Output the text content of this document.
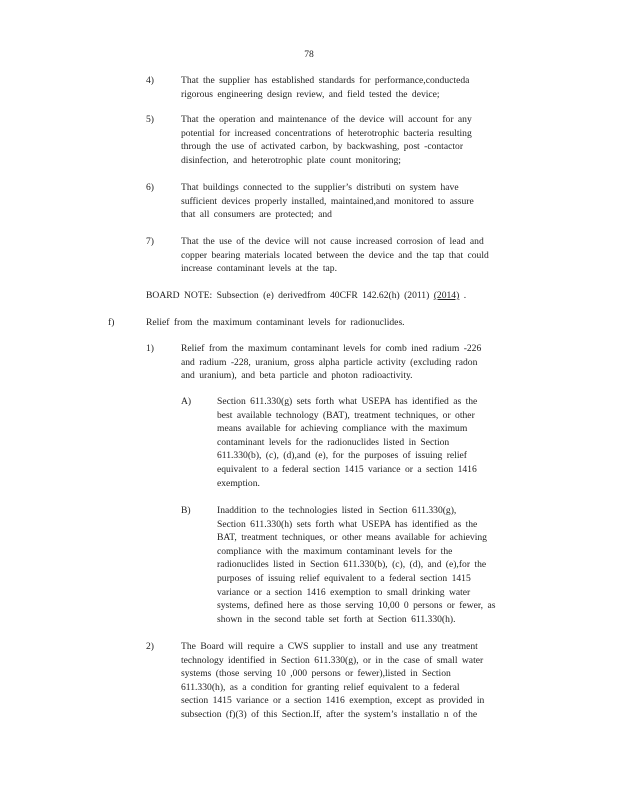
78
4)	That the supplier has established standards for performance,conducteda
rigorous engineering design review, and field tested the device;
5)	That the operation and maintenance of the device will account for any
potential for increased concentrations of heterotrophic bacteria resulting
through the use of activated carbon, by backwashing, post -contactor
disinfection, and heterotrophic plate count monitoring;
6)	That buildings connected to the supplier’s distributi on system have
sufficient devices properly installed, maintained,and monitored to assure
that all consumers are protected; and
7)	That the use of the device will not cause increased corrosion of lead and
copper bearing materials located between the device and the tap that could
increase contaminant levels at the tap.
BOARD NOTE: Subsection (e) derivedfrom 40CFR 142.62(h) (2011) (2014) .
f)	Relief from the maximum contaminant levels for radionuclides.
1)	Relief from the maximum contaminant levels for comb ined radium -226
and radium -228, uranium, gross alpha particle activity (excluding radon
and uranium), and beta particle and photon radioactivity.
A)	Section 611.330(g) sets forth what USEPA has identified as the
best available technology (BAT), treatment techniques, or other
means available for achieving compliance with the maximum
contaminant levels for the radionuclides listed in Section
611.330(b), (c), (d),and (e), for the purposes of issuing relief
equivalent to a federal section 1415 variance or a section 1416
exemption.
B)	Inaddition to the technologies listed in Section 611.330(g),
Section 611.330(h) sets forth what USEPA has identified as the
BAT, treatment techniques, or other means available for achieving
compliance with the maximum contaminant levels for the
radionuclides listed in Section 611.330(b), (c), (d), and (e),for the
purposes of issuing relief equivalent to a federal section 1415
variance or a section 1416 exemption to small drinking water
systems, defined here as those serving 10,00 0 persons or fewer, as
shown in the second table set forth at Section 611.330(h).
2)	The Board will require a CWS supplier to install and use any treatment
technology identified in Section 611.330(g), or in the case of small water
systems (those serving 10 ,000 persons or fewer),listed in Section
611.330(h), as a condition for granting relief equivalent to a federal
section 1415 variance or a section 1416 exemption, except as provided in
subsection (f)(3) of this Section.If, after the system’s installatio n of the
